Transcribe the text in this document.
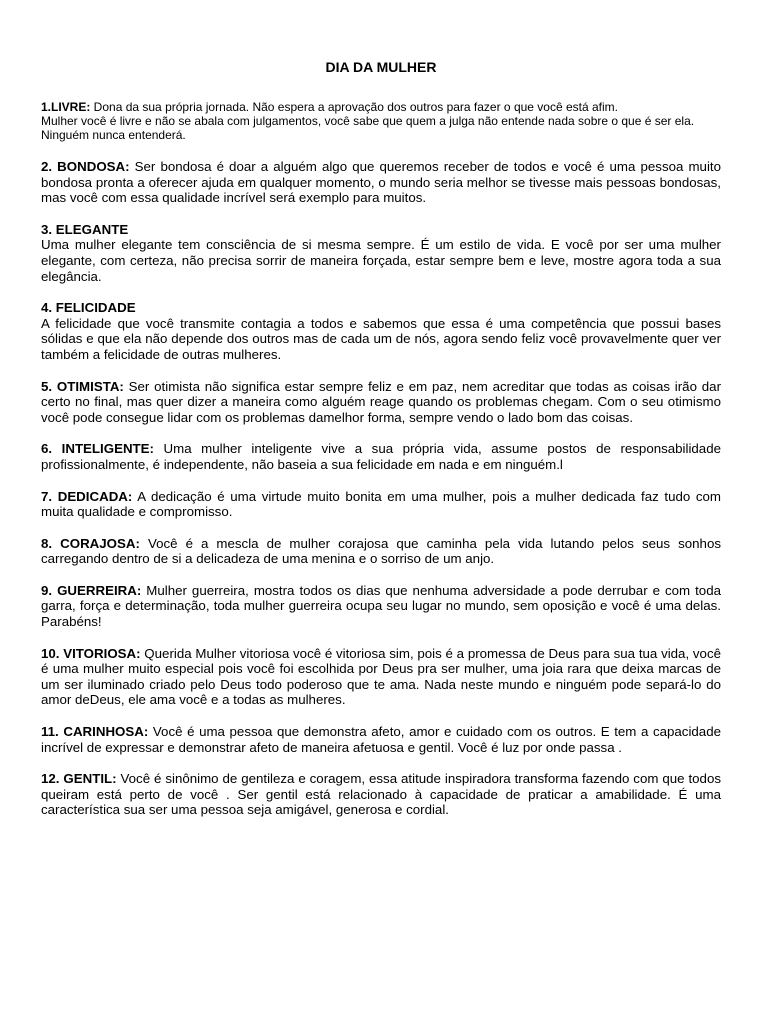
DIA DA MULHER

1.LIVRE: Dona da sua própria jornada. Não espera a aprovação dos outros para fazer o que você está afim.

Mulher você é livre e não se abala com julgamentos, você sabe que quem a julga não entende nada sobre o que é ser ela. Ninguém nunca entenderá.

2. BONDOSA: Ser bondosa é doar a alguém algo que queremos receber de todos e você é uma pessoa muito bondosa pronta a oferecer ajuda em qualquer momento, o mundo seria melhor se tivesse mais pessoas bondosas, mas você com essa qualidade incrível será exemplo para muitos.

3. ELEGANTE

Uma mulher elegante tem consciência de si mesma sempre. É um estilo de vida. E você por ser uma mulher elegante, com certeza, não precisa sorrir de maneira forçada, estar sempre bem e leve, mostre agora toda a sua elegância.

4. FELICIDADE

A felicidade que você transmite contagia a todos e sabemos que essa é uma competência que possui bases sólidas e que ela não depende dos outros mas de cada um de nós, agora sendo feliz você provavelmente quer ver também a felicidade de outras mulheres.

5. OTIMISTA: Ser otimista não significa estar sempre feliz e em paz, nem acreditar que todas as coisas irão dar certo no final, mas quer dizer a maneira como alguém reage quando os problemas chegam. Com o seu otimismo você pode consegue lidar com os problemas damelhor forma, sempre vendo o lado bom das coisas.

6. INTELIGENTE: Uma mulher inteligente vive a sua própria vida, assume postos de responsabilidade profissionalmente, é independente, não baseia a sua felicidade em nada e em ninguém.l

7. DEDICADA: A dedicação é uma virtude muito bonita em uma mulher, pois a mulher dedicada faz tudo com muita qualidade e compromisso.

8. CORAJOSA: Você é a mescla de mulher corajosa que caminha pela vida lutando pelos seus sonhos carregando dentro de si a delicadeza de uma menina e o sorriso de um anjo.

9. GUERREIRA: Mulher guerreira, mostra todos os dias que nenhuma adversidade a pode derrubar e com toda garra, força e determinação, toda mulher guerreira ocupa seu lugar no mundo, sem oposição e você é uma delas. Parabéns!

10. VITORIOSA: Querida Mulher vitoriosa você é vitoriosa sim, pois é a promessa de Deus para sua tua vida, você é uma mulher muito especial pois você foi escolhida por Deus pra ser mulher, uma joia rara que deixa marcas de um ser iluminado criado pelo Deus todo poderoso que te ama. Nada neste mundo e ninguém pode separá-lo do amor deDeus, ele ama você e a todas as mulheres.

11. CARINHOSA: Você é uma pessoa que demonstra afeto, amor e cuidado com os outros. E tem a capacidade incrível de expressar e demonstrar afeto de maneira afetuosa e gentil. Você é luz por onde passa .

12. GENTIL: Você é sinônimo de gentileza e coragem, essa atitude inspiradora transforma fazendo com que todos queiram está perto de você . Ser gentil está relacionado à capacidade de praticar a amabilidade. É uma característica sua ser uma pessoa seja amigável, generosa e cordial.
